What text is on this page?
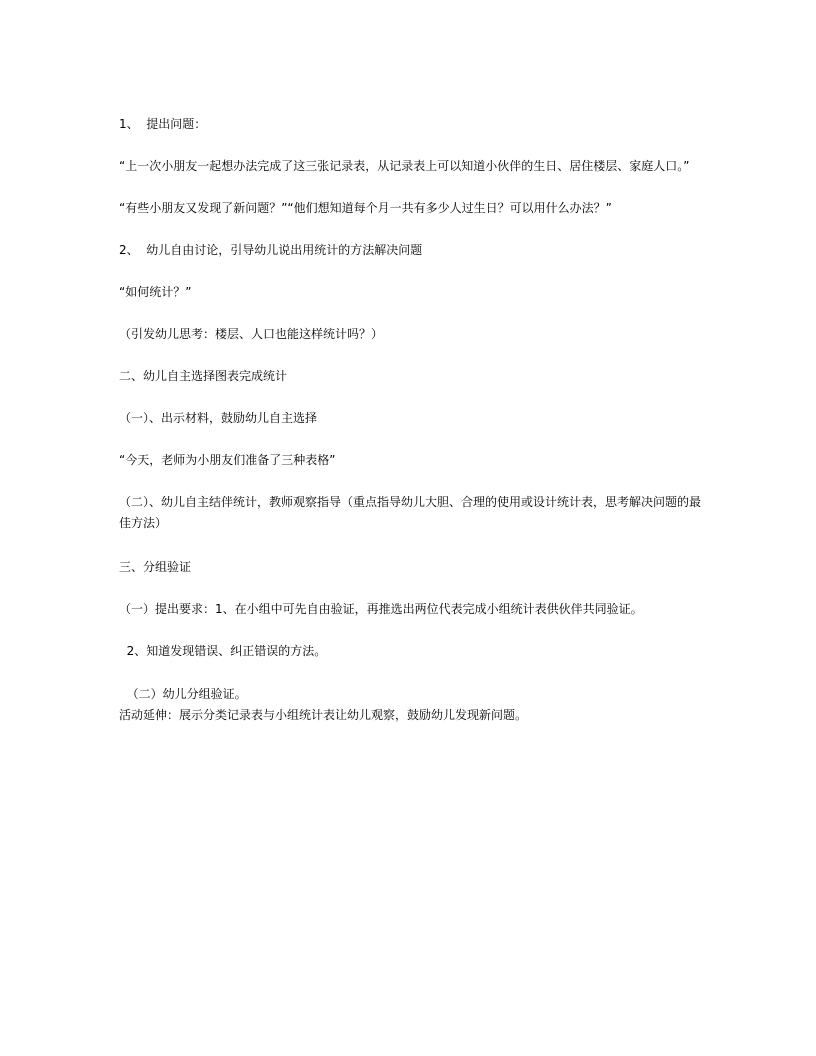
1、  提出问题：
“上一次小朋友一起想办法完成了这三张记录表，从记录表上可以知道小伙伴的生日、居住楼层、家庭人口。”
“有些小朋友又发现了新问题？”“他们想知道每个月一共有多少人过生日？可以用什么办法？”
2、  幼儿自由讨论，引导幼儿说出用统计的方法解决问题
“如何统计？”
（引发幼儿思考：楼层、人口也能这样统计吗？）
二、幼儿自主选择图表完成统计
（一）、出示材料，鼓励幼儿自主选择
“今天，老师为小朋友们准备了三种表格”
（二）、幼儿自主结伴统计，教师观察指导（重点指导幼儿大胆、合理的使用或设计统计表，思考解决问题的最佳方法）
三、分组验证
（一）提出要求：1、在小组中可先自由验证，再推选出两位代表完成小组统计表供伙伴共同验证。
2、知道发现错误、纠正错误的方法。
（二）幼儿分组验证。
活动延伸：展示分类记录表与小组统计表让幼儿观察，鼓励幼儿发现新问题。
